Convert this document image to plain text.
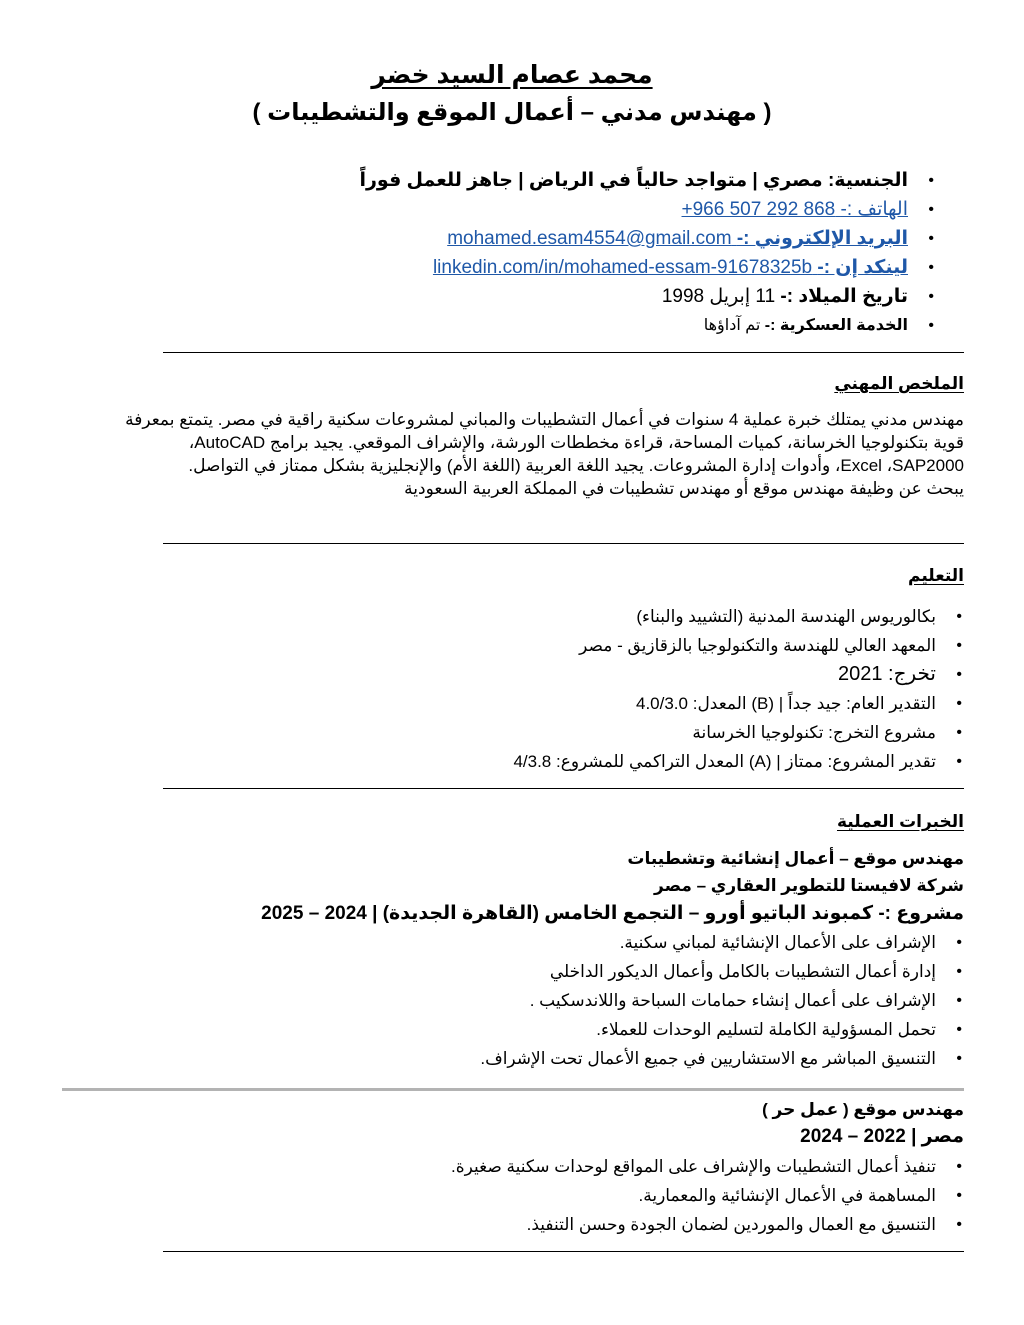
محمد عصام السيد خضر
( مهندس مدني – أعمال الموقع والتشطيبات )
• الجنسية: مصري | متواجد حالياً في الرياض | جاهز للعمل فوراً
• الهاتف :- +966 507 292 868
• البريد الإلكتروني :- mohamed.esam4554@gmail.com
• لينكد إن :- linkedin.com/in/mohamed-essam-91678325b
• تاريخ الميلاد :- 11 إبريل 1998
• الخدمة العسكرية :- تم آداؤها
الملخص المهني

مهندس مدني يمتلك خبرة عملية 4 سنوات في أعمال التشطيبات والمباني لمشروعات سكنية راقية في مصر. يتمتع بمعرفة

قوية بتكنولوجيا الخرسانة، كميات المساحة، قراءة مخططات الورشة، والإشراف الموقعي. يجيد برامج AutoCAD،

Excel ،SAP2000، وأدوات إدارة المشروعات. يجيد اللغة العربية (اللغة الأم) والإنجليزية بشكل ممتاز في التواصل.

يبحث عن وظيفة مهندس موقع أو مهندس تشطيبات في المملكة العربية السعودية

التعليم
• بكالوريوس الهندسة المدنية (التشييد والبناء)
• المعهد العالي للهندسة والتكنولوجيا بالزقازيق - مصر
• تخرج: 2021
• التقدير العام: جيد جداً | (B) المعدل: 4.0/3.0
• مشروع التخرج: تكنولوجيا الخرسانة
• تقدير المشروع: ممتاز | (A) المعدل التراكمي للمشروع: 4/3.8
الخبرات العملية
مهندس موقع – أعمال إنشائية وتشطيبات
شركة لافيستا للتطوير العقاري – مصر
مشروع :- كمبوند الباتيو أورو – التجمع الخامس (القاهرة الجديدة) | 2024 – 2025
• الإشراف على الأعمال الإنشائية لمباني سكنية.
• إدارة أعمال التشطيبات بالكامل وأعمال الديكور الداخلي
• الإشراف على أعمال إنشاء حمامات السباحة واللاندسكيب .
• تحمل المسؤولية الكاملة لتسليم الوحدات للعملاء.
• التنسيق المباشر مع الاستشاريين في جميع الأعمال تحت الإشراف.
مهندس موقع ( عمل حر )
مصر | 2022 – 2024
• تنفيذ أعمال التشطيبات والإشراف على المواقع لوحدات سكنية صغيرة.
• المساهمة في الأعمال الإنشائية والمعمارية.
• التنسيق مع العمال والموردين لضمان الجودة وحسن التنفيذ.
